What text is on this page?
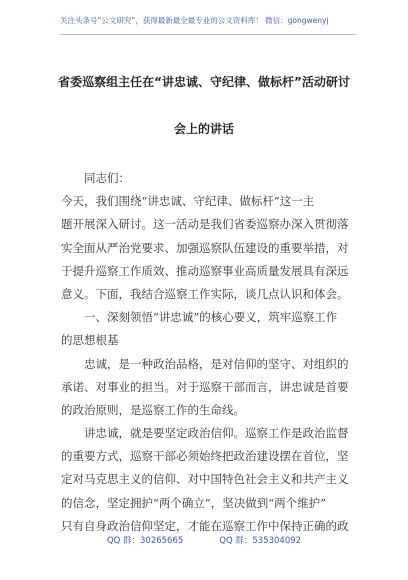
关注头条号“公文研究”，获得最新最全最专业的公文资料库！ 微信：gongwenyj
省委巡察组主任在“讲忠诚、守纪律、做标杆”活动研讨
会上的讲话
同志们：
今天，我们围绕“讲忠诚、守纪律、做标杆”这一主
题开展深入研讨。这一活动是我们省委巡察办深入贯彻落
实全面从严治党要求、加强巡察队伍建设的重要举措，对
于提升巡察工作质效、推动巡察事业高质量发展具有深远
意义。下面，我结合巡察工作实际，谈几点认识和体会。
一、深刻领悟“讲忠诚”的核心要义，筑牢巡察工作
的思想根基
忠诚，是一种政治品格，是对信仰的坚守、对组织的
承诺、对事业的担当。对于巡察干部而言，讲忠诚是首要
的政治原则，是巡察工作的生命线。
讲忠诚，就是要坚定政治信仰。巡察工作是政治监督
的重要方式，巡察干部必须始终把政治建设摆在首位，坚
定对马克思主义的信仰、对中国特色社会主义和共产主义
的信念，坚定拥护“两个确立”，坚决做到“两个维护”
只有自身政治信仰坚定，才能在巡察工作中保持正确的政
QQ 群：30265665	QQ 群：535304092
